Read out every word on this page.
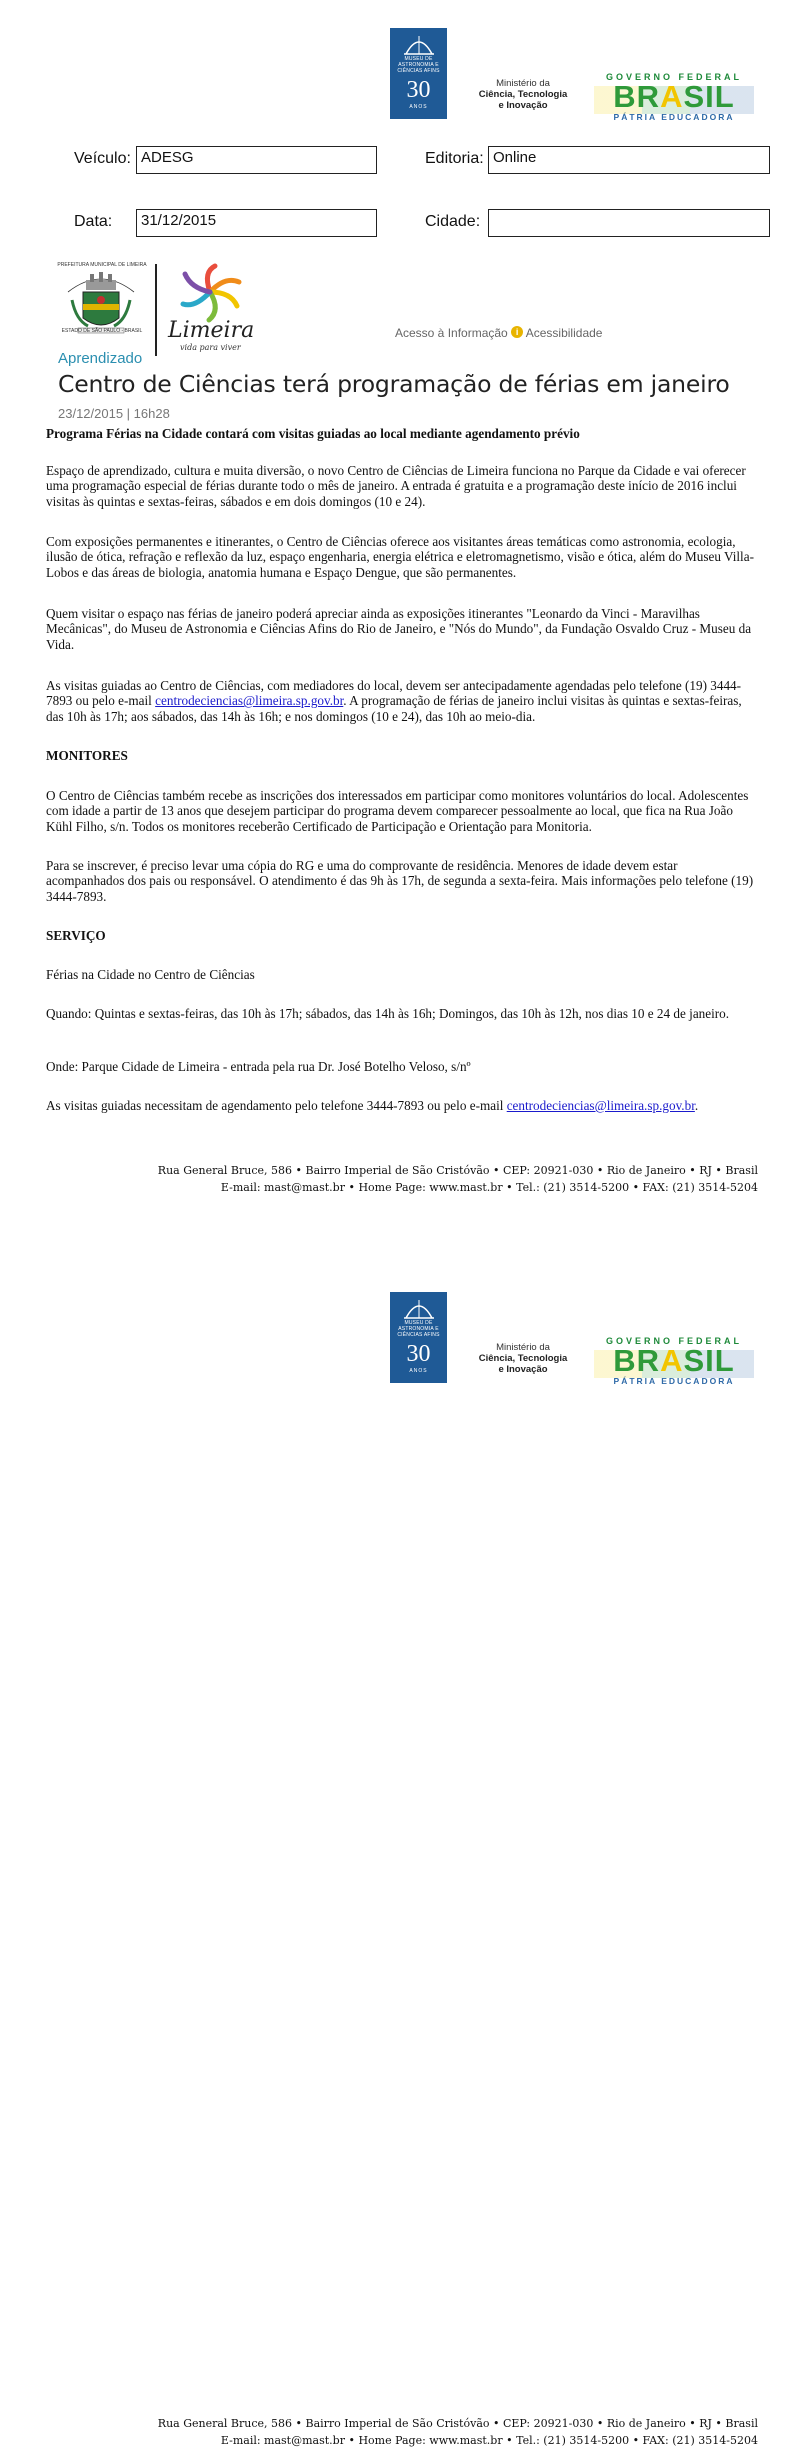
MUSEU DE ASTRONOMIA E CIÊNCIAS AFINS
30
ANOS
Ministério da
Ciência, Tecnologia
e Inovação
GOVERNO FEDERAL
BRASIL
PÁTRIA EDUCADORA
Veículo: ADESG	Editoria: Online
Data:	31/12/2015	Cidade:
ESTADO DE SÃO PAULO - BRASIL
PREFEITURA MUNICIPAL DE LIMEIRA
Limeira
vida para viver
Acesso à Informação i Acessibilidade
Aprendizado
Centro de Ciências terá programação de férias em janeiro
23/12/2015 | 16h28
Programa Férias na Cidade contará com visitas guiadas ao local mediante agendamento prévio
Espaço de aprendizado, cultura e muita diversão, o novo Centro de Ciências de Limeira funciona no Parque da Cidade e vai oferecer uma programação especial de férias durante todo o mês de janeiro. A entrada é gratuita e a programação deste início de 2016 inclui visitas às quintas e sextas-feiras, sábados e em dois domingos (10 e 24).
Com exposições permanentes e itinerantes, o Centro de Ciências oferece aos visitantes áreas temáticas como astronomia, ecologia, ilusão de ótica, refração e reflexão da luz, espaço engenharia, energia elétrica e eletromagnetismo, visão e ótica, além do Museu Villa-Lobos e das áreas de biologia, anatomia humana e Espaço Dengue, que são permanentes.
Quem visitar o espaço nas férias de janeiro poderá apreciar ainda as exposições itinerantes "Leonardo da Vinci - Maravilhas Mecânicas", do Museu de Astronomia e Ciências Afins do Rio de Janeiro, e "Nós do Mundo", da Fundação Osvaldo Cruz - Museu da Vida.
As visitas guiadas ao Centro de Ciências, com mediadores do local, devem ser antecipadamente agendadas pelo telefone (19) 3444-7893 ou pelo e-mail centrodeciencias@limeira.sp.gov.br. A programação de férias de janeiro inclui visitas às quintas e sextas-feiras, das 10h às 17h; aos sábados, das 14h às 16h; e nos domingos (10 e 24), das 10h ao meio-dia.
MONITORES
O Centro de Ciências também recebe as inscrições dos interessados em participar como monitores voluntários do local. Adolescentes com idade a partir de 13 anos que desejem participar do programa devem comparecer pessoalmente ao local, que fica na Rua João Kühl Filho, s/n. Todos os monitores receberão Certificado de Participação e Orientação para Monitoria.
Para se inscrever, é preciso levar uma cópia do RG e uma do comprovante de residência. Menores de idade devem estar acompanhados dos pais ou responsável. O atendimento é das 9h às 17h, de segunda a sexta-feira. Mais informações pelo telefone (19) 3444-7893.
SERVIÇO
Férias na Cidade no Centro de Ciências
Quando: Quintas e sextas-feiras, das 10h às 17h; sábados, das 14h às 16h; Domingos, das 10h às 12h, nos dias 10 e 24 de janeiro.
Onde: Parque Cidade de Limeira - entrada pela rua Dr. José Botelho Veloso, s/nº
As visitas guiadas necessitam de agendamento pelo telefone 3444-7893 ou pelo e-mail centrodeciencias@limeira.sp.gov.br.
Rua General Bruce, 586 • Bairro Imperial de São Cristóvão • CEP: 20921-030 • Rio de Janeiro • RJ • Brasil
E-mail: mast@mast.br • Home Page: www.mast.br • Tel.: (21) 3514-5200 • FAX: (21) 3514-5204
MUSEU DE ASTRONOMIA E CIÊNCIAS AFINS
30
ANOS
Ministério da
Ciência, Tecnologia
e Inovação
GOVERNO FEDERAL
BRASIL
PÁTRIA EDUCADORA
Rua General Bruce, 586 • Bairro Imperial de São Cristóvão • CEP: 20921-030 • Rio de Janeiro • RJ • Brasil
E-mail: mast@mast.br • Home Page: www.mast.br • Tel.: (21) 3514-5200 • FAX: (21) 3514-5204
